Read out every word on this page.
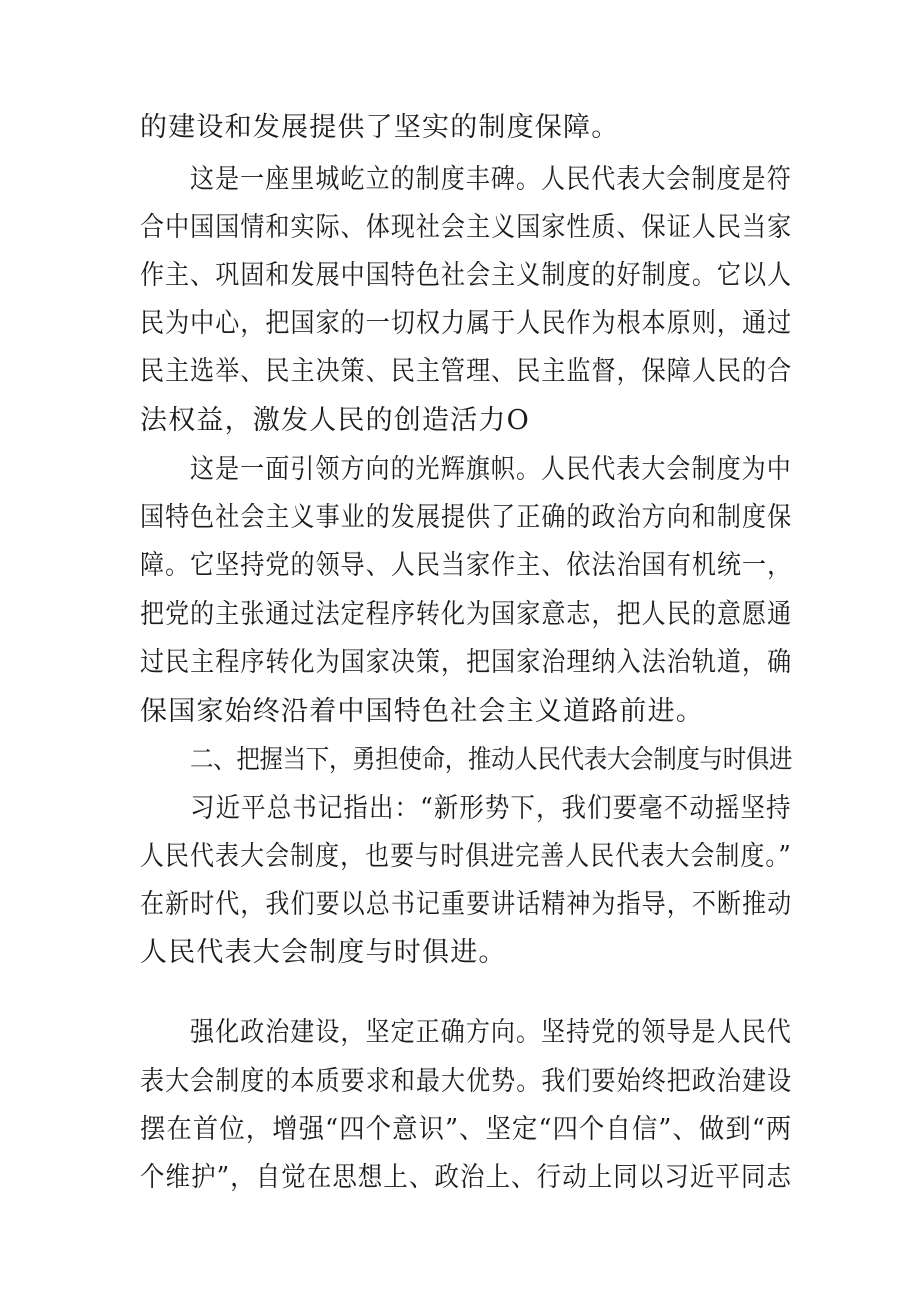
的建设和发展提供了坚实的制度保障。
这是一座里城屹立的制度丰碑。人民代表大会制度是符
合中国国情和实际、体现社会主义国家性质、保证人民当家
作主、巩固和发展中国特色社会主义制度的好制度。它以人
民为中心，把国家的一切权力属于人民作为根本原则，通过
民主选举、民主决策、民主管理、民主监督，保障人民的合
法权益，激发人民的创造活力O
这是一面引领方向的光辉旗帜。人民代表大会制度为中
国特色社会主义事业的发展提供了正确的政治方向和制度保
障。它坚持党的领导、人民当家作主、依法治国有机统一，
把党的主张通过法定程序转化为国家意志，把人民的意愿通
过民主程序转化为国家决策，把国家治理纳入法治轨道，确
保国家始终沿着中国特色社会主义道路前进。
二、把握当下，勇担使命，推动人民代表大会制度与时俱进
习近平总书记指出：“新形势下，我们要毫不动摇坚持
人民代表大会制度，也要与时俱进完善人民代表大会制度。”
在新时代，我们要以总书记重要讲话精神为指导，不断推动
人民代表大会制度与时俱进。
强化政治建设，坚定正确方向。坚持党的领导是人民代
表大会制度的本质要求和最大优势。我们要始终把政治建设
摆在首位，增强“四个意识”、坚定“四个自信”、做到“两
个维护”，自觉在思想上、政治上、行动上同以习近平同志
